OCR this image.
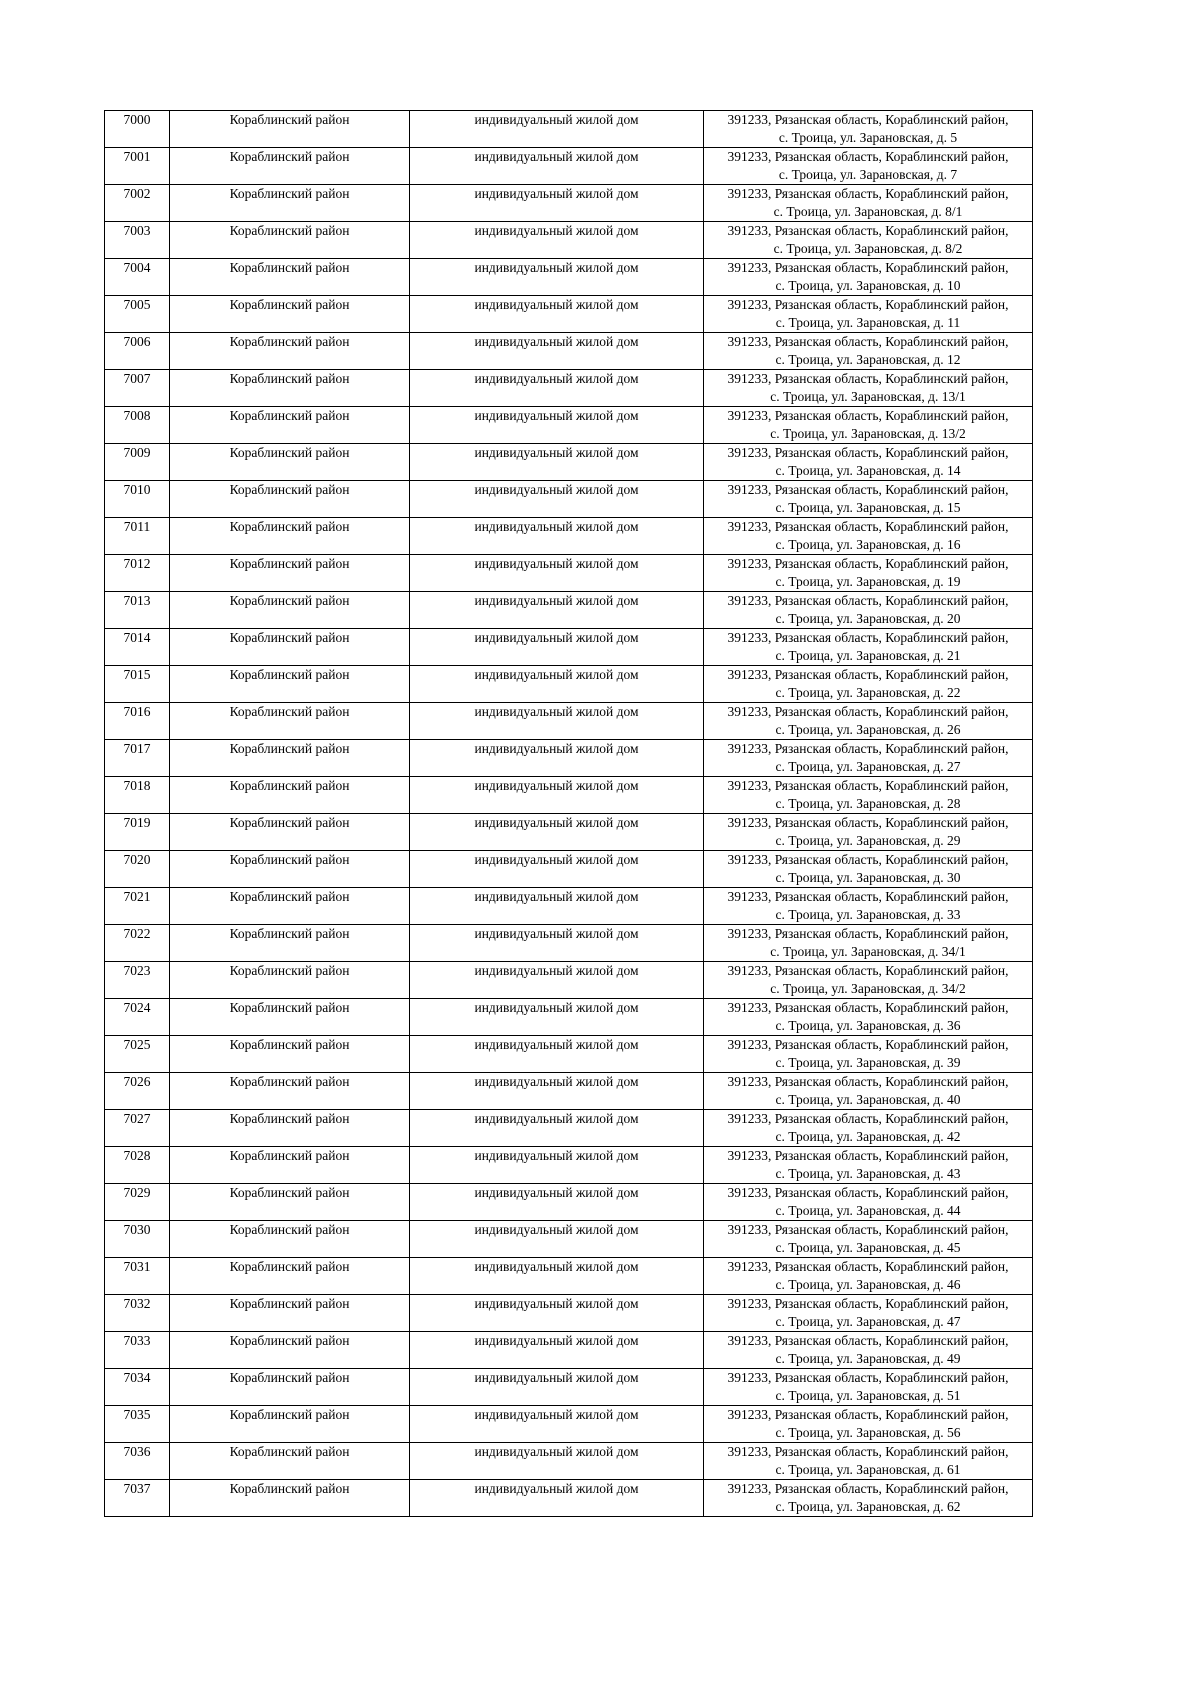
7000	Кораблинский район	индивидуальный жилой дом	391233, Рязанская область, Кораблинский район,
с. Троица, ул. Зарановская, д. 5

7001	Кораблинский район	индивидуальный жилой дом	391233, Рязанская область, Кораблинский район,
с. Троица, ул. Зарановская, д. 7

7002	Кораблинский район	индивидуальный жилой дом	391233, Рязанская область, Кораблинский район,
с. Троица, ул. Зарановская, д. 8/1

7003	Кораблинский район	индивидуальный жилой дом	391233, Рязанская область, Кораблинский район,
с. Троица, ул. Зарановская, д. 8/2

7004	Кораблинский район	индивидуальный жилой дом	391233, Рязанская область, Кораблинский район,
с. Троица, ул. Зарановская, д. 10

7005	Кораблинский район	индивидуальный жилой дом	391233, Рязанская область, Кораблинский район,
с. Троица, ул. Зарановская, д. 11

7006	Кораблинский район	индивидуальный жилой дом	391233, Рязанская область, Кораблинский район,
с. Троица, ул. Зарановская, д. 12

7007	Кораблинский район	индивидуальный жилой дом	391233, Рязанская область, Кораблинский район,
с. Троица, ул. Зарановская, д. 13/1

7008	Кораблинский район	индивидуальный жилой дом	391233, Рязанская область, Кораблинский район,
с. Троица, ул. Зарановская, д. 13/2

7009	Кораблинский район	индивидуальный жилой дом	391233, Рязанская область, Кораблинский район,
с. Троица, ул. Зарановская, д. 14

7010	Кораблинский район	индивидуальный жилой дом	391233, Рязанская область, Кораблинский район,
с. Троица, ул. Зарановская, д. 15

7011	Кораблинский район	индивидуальный жилой дом	391233, Рязанская область, Кораблинский район,
с. Троица, ул. Зарановская, д. 16

7012	Кораблинский район	индивидуальный жилой дом	391233, Рязанская область, Кораблинский район,
с. Троица, ул. Зарановская, д. 19

7013	Кораблинский район	индивидуальный жилой дом	391233, Рязанская область, Кораблинский район,
с. Троица, ул. Зарановская, д. 20

7014	Кораблинский район	индивидуальный жилой дом	391233, Рязанская область, Кораблинский район,
с. Троица, ул. Зарановская, д. 21

7015	Кораблинский район	индивидуальный жилой дом	391233, Рязанская область, Кораблинский район,
с. Троица, ул. Зарановская, д. 22

7016	Кораблинский район	индивидуальный жилой дом	391233, Рязанская область, Кораблинский район,
с. Троица, ул. Зарановская, д. 26

7017	Кораблинский район	индивидуальный жилой дом	391233, Рязанская область, Кораблинский район,
с. Троица, ул. Зарановская, д. 27

7018	Кораблинский район	индивидуальный жилой дом	391233, Рязанская область, Кораблинский район,
с. Троица, ул. Зарановская, д. 28

7019	Кораблинский район	индивидуальный жилой дом	391233, Рязанская область, Кораблинский район,
с. Троица, ул. Зарановская, д. 29

7020	Кораблинский район	индивидуальный жилой дом	391233, Рязанская область, Кораблинский район,
с. Троица, ул. Зарановская, д. 30

7021	Кораблинский район	индивидуальный жилой дом	391233, Рязанская область, Кораблинский район,
с. Троица, ул. Зарановская, д. 33

7022	Кораблинский район	индивидуальный жилой дом	391233, Рязанская область, Кораблинский район,
с. Троица, ул. Зарановская, д. 34/1

7023	Кораблинский район	индивидуальный жилой дом	391233, Рязанская область, Кораблинский район,
с. Троица, ул. Зарановская, д. 34/2

7024	Кораблинский район	индивидуальный жилой дом	391233, Рязанская область, Кораблинский район,
с. Троица, ул. Зарановская, д. 36

7025	Кораблинский район	индивидуальный жилой дом	391233, Рязанская область, Кораблинский район,
с. Троица, ул. Зарановская, д. 39

7026	Кораблинский район	индивидуальный жилой дом	391233, Рязанская область, Кораблинский район,
с. Троица, ул. Зарановская, д. 40

7027	Кораблинский район	индивидуальный жилой дом	391233, Рязанская область, Кораблинский район,
с. Троица, ул. Зарановская, д. 42

7028	Кораблинский район	индивидуальный жилой дом	391233, Рязанская область, Кораблинский район,
с. Троица, ул. Зарановская, д. 43

7029	Кораблинский район	индивидуальный жилой дом	391233, Рязанская область, Кораблинский район,
с. Троица, ул. Зарановская, д. 44

7030	Кораблинский район	индивидуальный жилой дом	391233, Рязанская область, Кораблинский район,
с. Троица, ул. Зарановская, д. 45

7031	Кораблинский район	индивидуальный жилой дом	391233, Рязанская область, Кораблинский район,
с. Троица, ул. Зарановская, д. 46

7032	Кораблинский район	индивидуальный жилой дом	391233, Рязанская область, Кораблинский район,
с. Троица, ул. Зарановская, д. 47

7033	Кораблинский район	индивидуальный жилой дом	391233, Рязанская область, Кораблинский район,
с. Троица, ул. Зарановская, д. 49

7034	Кораблинский район	индивидуальный жилой дом	391233, Рязанская область, Кораблинский район,
с. Троица, ул. Зарановская, д. 51

7035	Кораблинский район	индивидуальный жилой дом	391233, Рязанская область, Кораблинский район,
с. Троица, ул. Зарановская, д. 56

7036	Кораблинский район	индивидуальный жилой дом	391233, Рязанская область, Кораблинский район,
с. Троица, ул. Зарановская, д. 61

7037	Кораблинский район	индивидуальный жилой дом	391233, Рязанская область, Кораблинский район,
с. Троица, ул. Зарановская, д. 62
